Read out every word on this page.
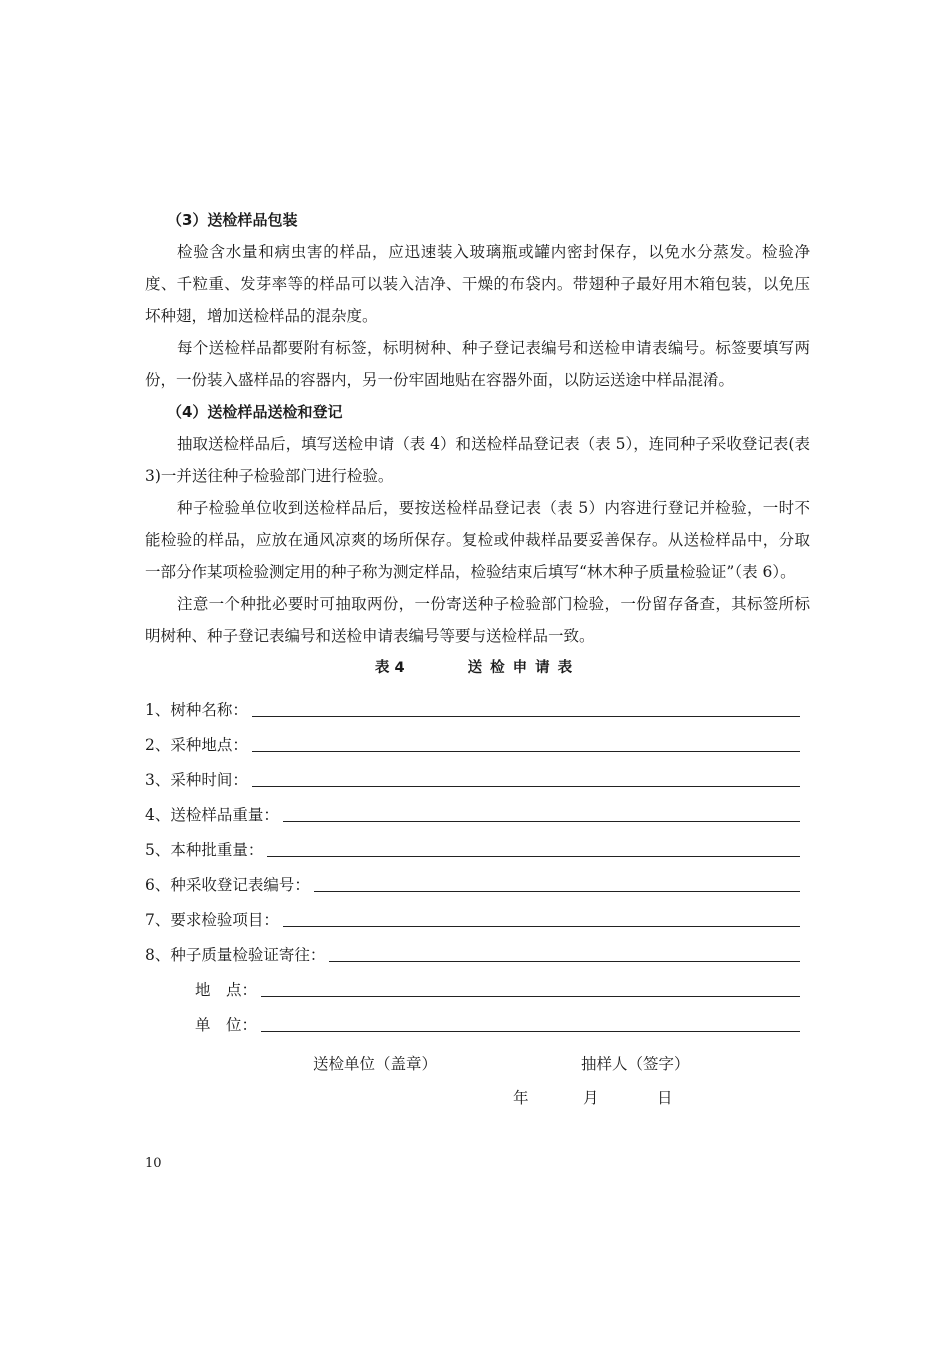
（3）送检样品包装

检验含水量和病虫害的样品，应迅速装入玻璃瓶或罐内密封保存，以免水分蒸发。检验净度、千粒重、发芽率等的样品可以装入洁净、干燥的布袋内。带翅种子最好用木箱包装，以免压坏种翅，增加送检样品的混杂度。

每个送检样品都要附有标签，标明树种、种子登记表编号和送检申请表编号。标签要填写两份，一份装入盛样品的容器内，另一份牢固地贴在容器外面，以防运送途中样品混淆。

（4）送检样品送检和登记

抽取送检样品后，填写送检申请（表 4）和送检样品登记表（表 5），连同种子采收登记表(表 3)一并送往种子检验部门进行检验。

种子检验单位收到送检样品后，要按送检样品登记表（表 5）内容进行登记并检验，一时不能检验的样品，应放在通风凉爽的场所保存。复检或仲裁样品要妥善保存。从送检样品中，分取一部分作某项检验测定用的种子称为测定样品，检验结束后填写“林木种子质量检验证”（表 6）。

注意一个种批必要时可抽取两份，一份寄送种子检验部门检验，一份留存备查，其标签所标明树种、种子登记表编号和送检申请表编号等要与送检样品一致。

表 4	送检申请表
1、树种名称：
2、采种地点：
3、采种时间：
4、送检样品重量：
5、本种批重量：
6、种采收登记表编号：
7、要求检验项目：
8、种子质量检验证寄往：
地　点：
单　位：
送检单位（盖章）	抽样人（签字）
年	月	日
10
